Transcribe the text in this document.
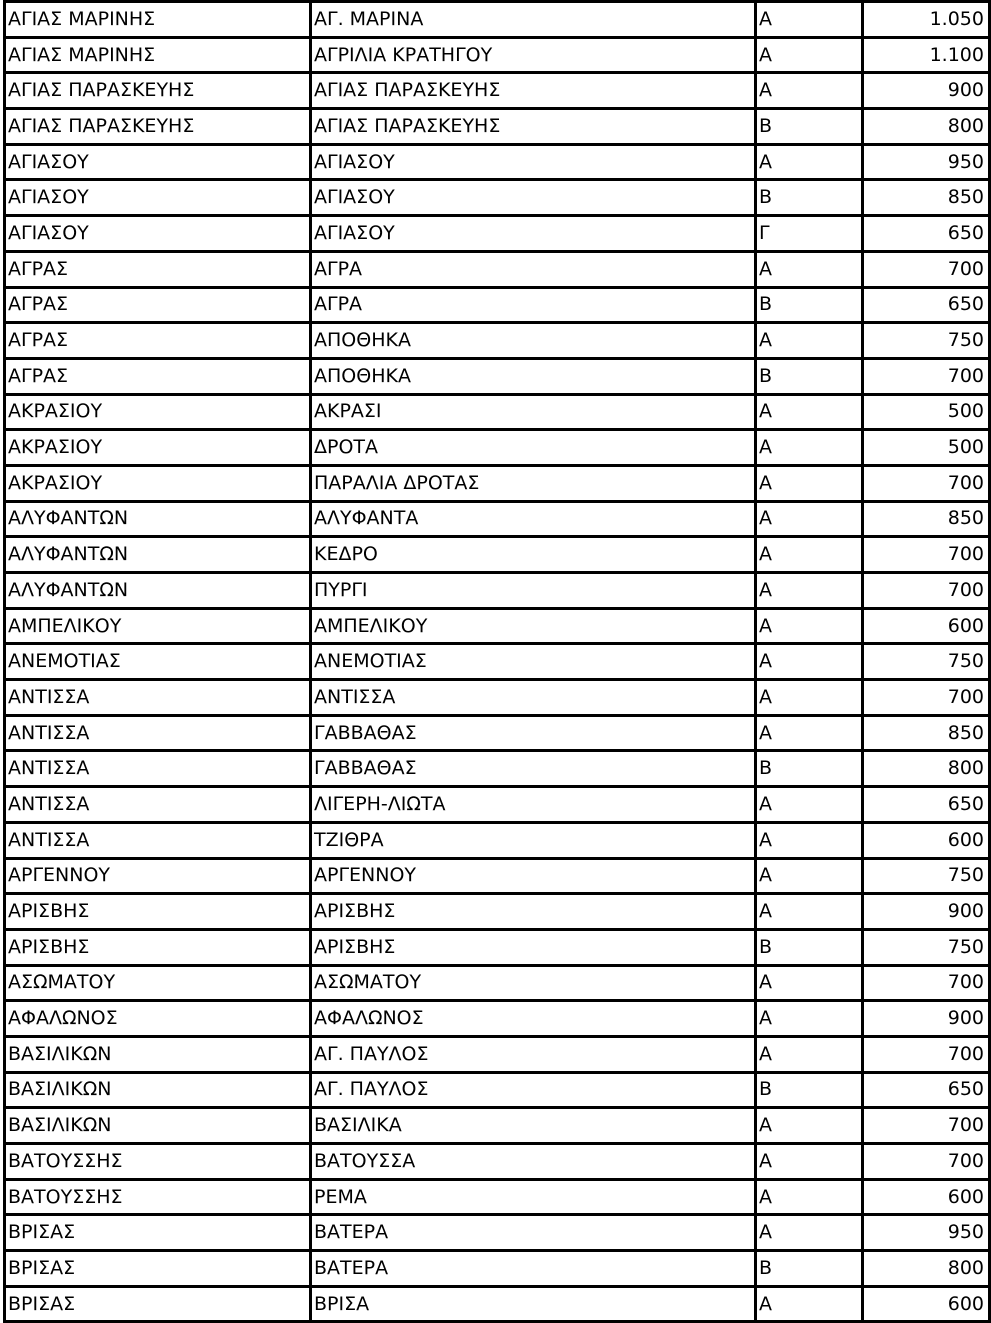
ΑΓΙΑΣ ΜΑΡΙΝΗΣ	ΑΓ. ΜΑΡΙΝΑ	Α	1.050
ΑΓΙΑΣ ΜΑΡΙΝΗΣ	ΑΓΡΙΛΙΑ ΚΡΑΤΗΓΟΥ	Α	1.100
ΑΓΙΑΣ ΠΑΡΑΣΚΕΥΗΣ	ΑΓΙΑΣ ΠΑΡΑΣΚΕΥΗΣ	Α	900
ΑΓΙΑΣ ΠΑΡΑΣΚΕΥΗΣ	ΑΓΙΑΣ ΠΑΡΑΣΚΕΥΗΣ	Β	800
ΑΓΙΑΣΟΥ	ΑΓΙΑΣΟΥ	Α	950
ΑΓΙΑΣΟΥ	ΑΓΙΑΣΟΥ	Β	850
ΑΓΙΑΣΟΥ	ΑΓΙΑΣΟΥ	Γ	650
ΑΓΡΑΣ	ΑΓΡΑ	Α	700
ΑΓΡΑΣ	ΑΓΡΑ	Β	650
ΑΓΡΑΣ	ΑΠΟΘΗΚΑ	Α	750
ΑΓΡΑΣ	ΑΠΟΘΗΚΑ	Β	700
ΑΚΡΑΣΙΟΥ	ΑΚΡΑΣΙ	Α	500
ΑΚΡΑΣΙΟΥ	ΔΡΟΤΑ	Α	500
ΑΚΡΑΣΙΟΥ	ΠΑΡΑΛΙΑ ΔΡΟΤΑΣ	Α	700
ΑΛΥΦΑΝΤΩΝ	ΑΛΥΦΑΝΤΑ	Α	850
ΑΛΥΦΑΝΤΩΝ	ΚΕΔΡΟ	Α	700
ΑΛΥΦΑΝΤΩΝ	ΠΥΡΓΙ	Α	700
ΑΜΠΕΛΙΚΟΥ	ΑΜΠΕΛΙΚΟΥ	Α	600
ΑΝΕΜΟΤΙΑΣ	ΑΝΕΜΟΤΙΑΣ	Α	750
ΑΝΤΙΣΣΑ	ΑΝΤΙΣΣΑ	Α	700
ΑΝΤΙΣΣΑ	ΓΑΒΒΑΘΑΣ	Α	850
ΑΝΤΙΣΣΑ	ΓΑΒΒΑΘΑΣ	Β	800
ΑΝΤΙΣΣΑ	ΛΙΓΕΡΗ-ΛΙΩΤΑ	Α	650
ΑΝΤΙΣΣΑ	ΤΖΙΘΡΑ	Α	600
ΑΡΓΕΝΝΟΥ	ΑΡΓΕΝΝΟΥ	Α	750
ΑΡΙΣΒΗΣ	ΑΡΙΣΒΗΣ	Α	900
ΑΡΙΣΒΗΣ	ΑΡΙΣΒΗΣ	Β	750
ΑΣΩΜΑΤΟΥ	ΑΣΩΜΑΤΟΥ	Α	700
ΑΦΑΛΩΝΟΣ	ΑΦΑΛΩΝΟΣ	Α	900
ΒΑΣΙΛΙΚΩΝ	ΑΓ. ΠΑΥΛΟΣ	Α	700
ΒΑΣΙΛΙΚΩΝ	ΑΓ. ΠΑΥΛΟΣ	Β	650
ΒΑΣΙΛΙΚΩΝ	ΒΑΣΙΛΙΚΑ	Α	700
ΒΑΤΟΥΣΣΗΣ	ΒΑΤΟΥΣΣΑ	Α	700
ΒΑΤΟΥΣΣΗΣ	ΡΕΜΑ	Α	600
ΒΡΙΣΑΣ	ΒΑΤΕΡΑ	Α	950
ΒΡΙΣΑΣ	ΒΑΤΕΡΑ	Β	800
ΒΡΙΣΑΣ	ΒΡΙΣΑ	Α	600
